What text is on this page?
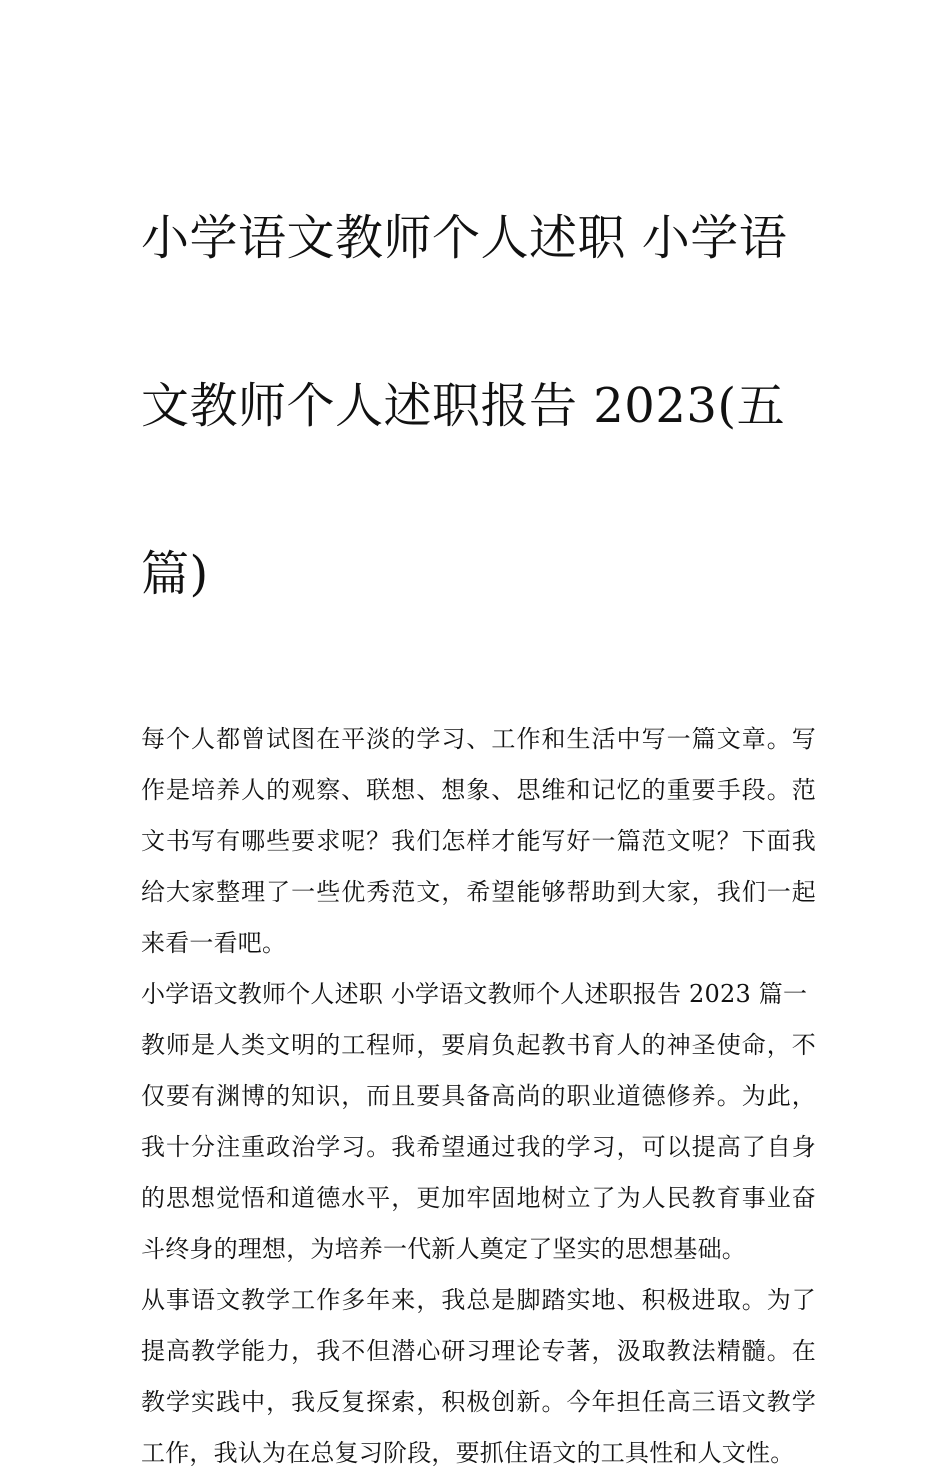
小学语文教师个人述职 小学语

文教师个人述职报告 2023(五

篇)

每个人都曾试图在平淡的学习、工作和生活中写一篇文章。写作是培养人的观察、联想、想象、思维和记忆的重要手段。范文书写有哪些要求呢？我们怎样才能写好一篇范文呢？下面我给大家整理了一些优秀范文，希望能够帮助到大家，我们一起来看一看吧。

小学语文教师个人述职 小学语文教师个人述职报告 2023 篇一

教师是人类文明的工程师，要肩负起教书育人的神圣使命，不仅要有渊博的知识，而且要具备高尚的职业道德修养。为此，我十分注重政治学习。我希望通过我的学习，可以提高了自身的思想觉悟和道德水平，更加牢固地树立了为人民教育事业奋斗终身的理想，为培养一代新人奠定了坚实的思想基础。

从事语文教学工作多年来，我总是脚踏实地、积极进取。为了提高教学能力，我不但潜心研习理论专著，汲取教法精髓。在教学实践中，我反复探索，积极创新。今年担任高三语文教学工作，我认为在总复习阶段，要抓住语文的工具性和人文性。
